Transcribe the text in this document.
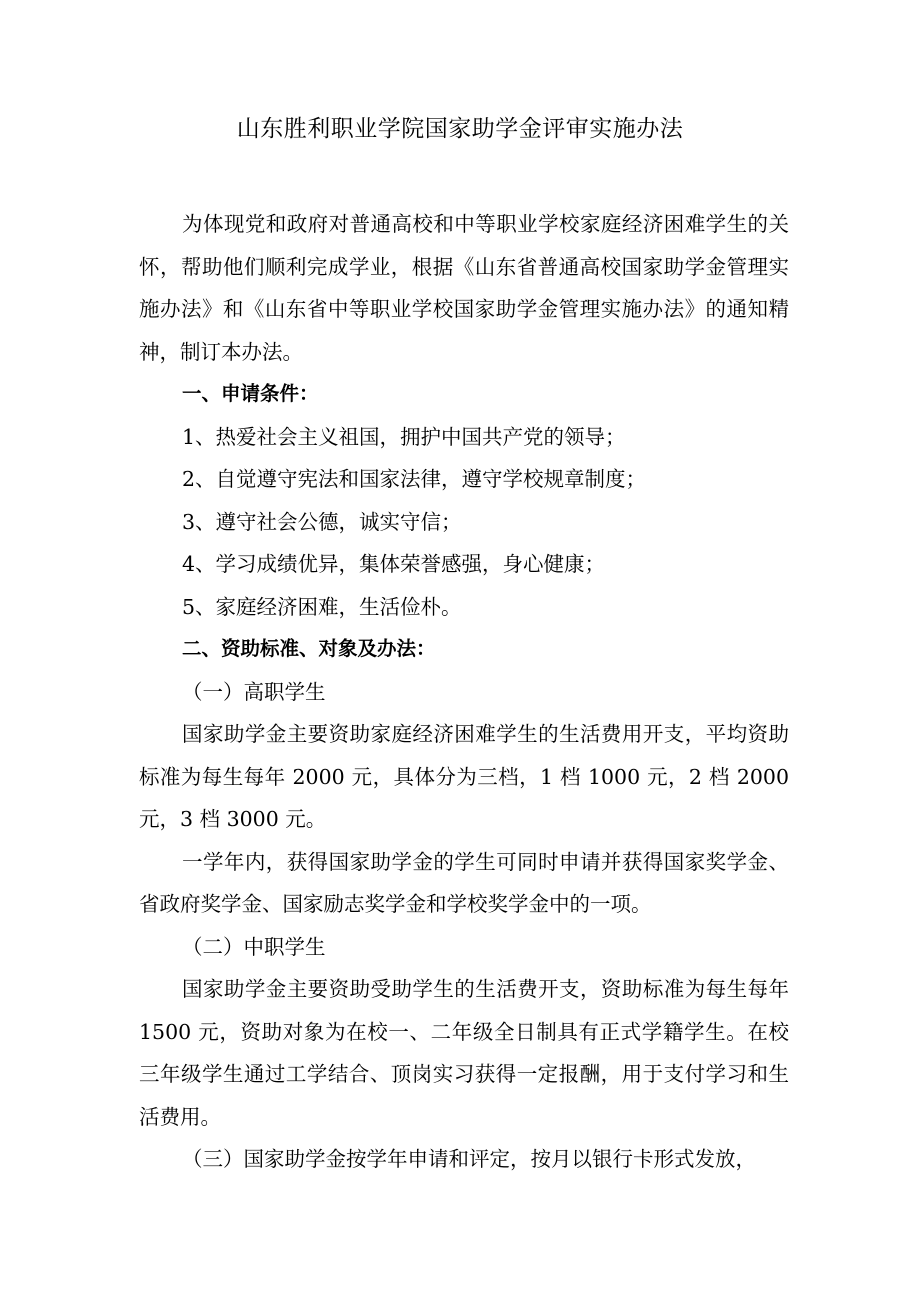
山东胜利职业学院国家助学金评审实施办法

为体现党和政府对普通高校和中等职业学校家庭经济困难学生的关怀，帮助他们顺利完成学业，根据《山东省普通高校国家助学金管理实施办法》和《山东省中等职业学校国家助学金管理实施办法》的通知精神，制订本办法。

一、申请条件：

1、热爱社会主义祖国，拥护中国共产党的领导；

2、自觉遵守宪法和国家法律，遵守学校规章制度；

3、遵守社会公德，诚实守信；

4、学习成绩优异，集体荣誉感强，身心健康；

5、家庭经济困难，生活俭朴。

二、资助标准、对象及办法：

（一）高职学生

国家助学金主要资助家庭经济困难学生的生活费用开支，平均资助标准为每生每年 2000 元，具体分为三档，1 档 1000 元，2 档 2000 元，3 档 3000 元。

一学年内，获得国家助学金的学生可同时申请并获得国家奖学金、省政府奖学金、国家励志奖学金和学校奖学金中的一项。

（二）中职学生

国家助学金主要资助受助学生的生活费开支，资助标准为每生每年 1500 元，资助对象为在校一、二年级全日制具有正式学籍学生。在校三年级学生通过工学结合、顶岗实习获得一定报酬，用于支付学习和生活费用。

（三）国家助学金按学年申请和评定，按月以银行卡形式发放，
